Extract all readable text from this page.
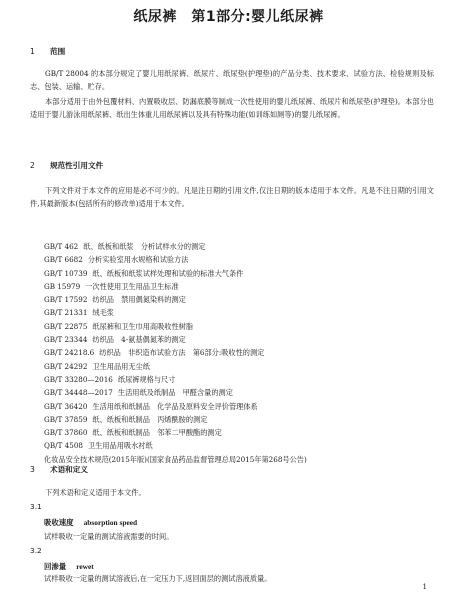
纸尿裤　第1部分:婴儿纸尿裤
1 范围

GB/T 28004 的本部分规定了婴儿用纸尿裤、纸尿片、纸尿垫(护理垫)的产品分类、技术要求、试验方法、检验规则及标志、包装、运输、贮存。

本部分适用于由外包覆材料、内置吸收层、防漏底膜等制成一次性使用的婴儿纸尿裤、纸尿片和纸尿垫(护理垫)。本部分也适用于婴儿游泳用纸尿裤、纸出生体重儿用纸尿裤以及具有特殊功能(如训练如厕等)的婴儿纸尿裤。

2 规范性引用文件

下列文件对于本文件的应用是必不可少的。凡是注日期的引用文件,仅注日期的版本适用于本文件。凡是不注日期的引用文件,其最新版本(包括所有的修改单)适用于本文件。

GB/T 462 纸、纸板和纸浆　分析试样水分的测定
GB/T 6682 分析实验室用水规格和试验方法
GB/T 10739 纸、纸板和纸浆试样处理和试验的标准大气条件
GB 15979 一次性使用卫生用品卫生标准
GB/T 17592 纺织品　禁用偶氮染料的测定
GB/T 21331 绒毛浆
GB/T 22875 纸尿裤和卫生巾用高吸收性树脂
GB/T 23344 纺织品　4-氨基偶氮苯的测定
GB/T 24218.6 纺织品　非织造布试验方法　第6部分:吸收性的测定
GB/T 24292 卫生用品用无尘纸
GB/T 33280—2016 纸尿裤规格与尺寸
GB/T 34448—2017 生活用纸及纸制品　甲醛含量的测定
GB/T 36420 生活用纸和纸制品　化学品及原料安全评价管理体系
GB/T 37859 纸、纸板和纸制品　丙烯酰胺的测定
GB/T 37860 纸、纸板和纸制品　邻苯二甲酸酯的测定
QB/T 4508 卫生用品用吸水衬纸
化妆品安全技术规范(2015年版)(国家食品药品监督管理总局2015年第268号公告)
3 术语和定义

下列术语和定义适用于本文件。

3.1
吸收速度 absorption speed
试样吸收一定量的测试溶液需要的时间。
3.2
回渗量 rewet
试样吸收一定量的测试溶液后,在一定压力下,返回面层的测试溶液质量。
1
